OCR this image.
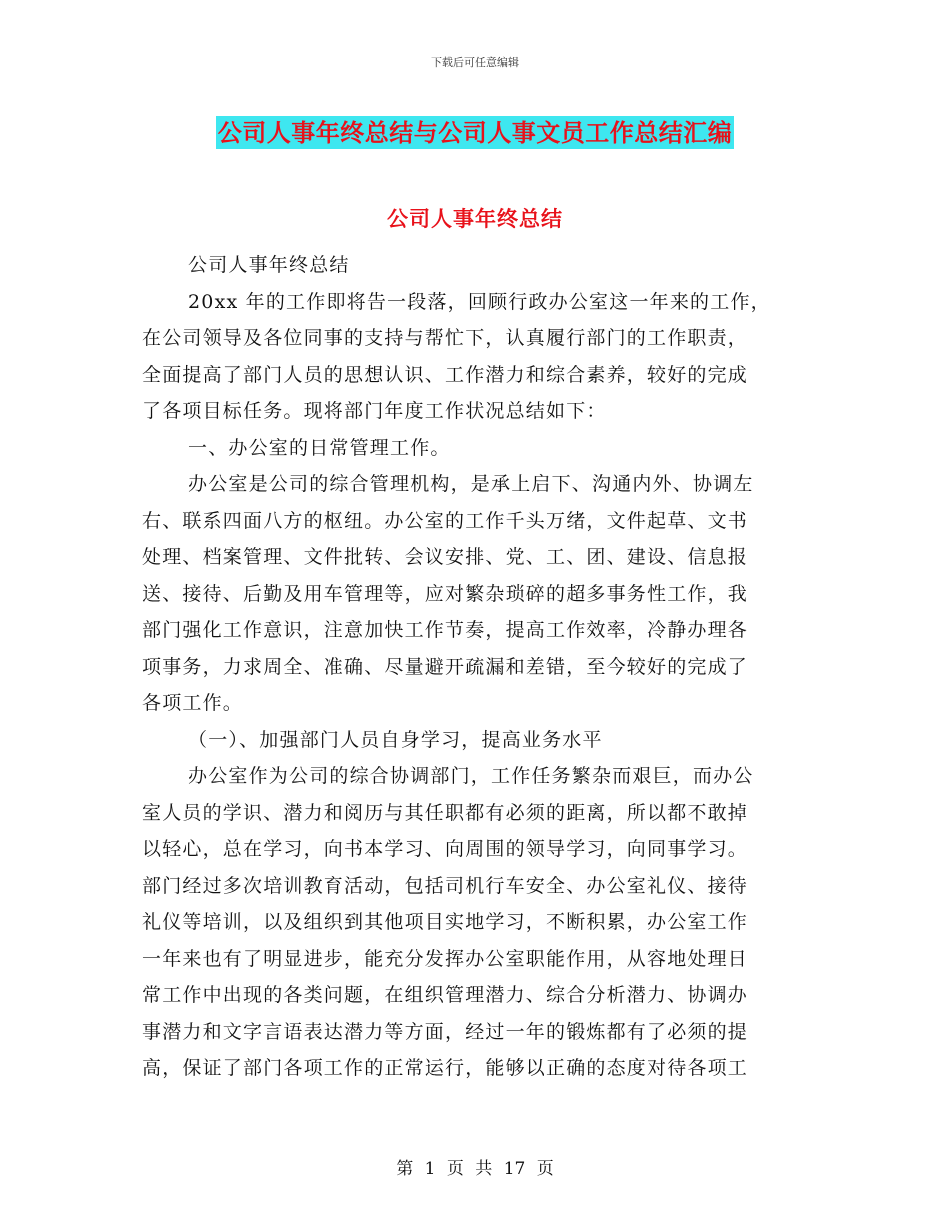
下载后可任意编辑
公司人事年终总结与公司人事文员工作总结汇编
公司人事年终总结
公司人事年终总结
20xx 年的工作即将告一段落，回顾行政办公室这一年来的工作，
在公司领导及各位同事的支持与帮忙下，认真履行部门的工作职责，
全面提高了部门人员的思想认识、工作潜力和综合素养，较好的完成
了各项目标任务。现将部门年度工作状况总结如下：
一、办公室的日常管理工作。
办公室是公司的综合管理机构，是承上启下、沟通内外、协调左
右、联系四面八方的枢纽。办公室的工作千头万绪，文件起草、文书
处理、档案管理、文件批转、会议安排、党、工、团、建设、信息报
送、接待、后勤及用车管理等，应对繁杂琐碎的超多事务性工作，我
部门强化工作意识，注意加快工作节奏，提高工作效率，冷静办理各
项事务，力求周全、准确、尽量避开疏漏和差错，至今较好的完成了
各项工作。
（一）、加强部门人员自身学习，提高业务水平
办公室作为公司的综合协调部门，工作任务繁杂而艰巨，而办公
室人员的学识、潜力和阅历与其任职都有必须的距离，所以都不敢掉
以轻心，总在学习，向书本学习、向周围的领导学习，向同事学习。
部门经过多次培训教育活动，包括司机行车安全、办公室礼仪、接待
礼仪等培训，以及组织到其他项目实地学习，不断积累，办公室工作
一年来也有了明显进步，能充分发挥办公室职能作用，从容地处理日
常工作中出现的各类问题，在组织管理潜力、综合分析潜力、协调办
事潜力和文字言语表达潜力等方面，经过一年的锻炼都有了必须的提
高，保证了部门各项工作的正常运行，能够以正确的态度对待各项工
第 1 页 共 17 页
